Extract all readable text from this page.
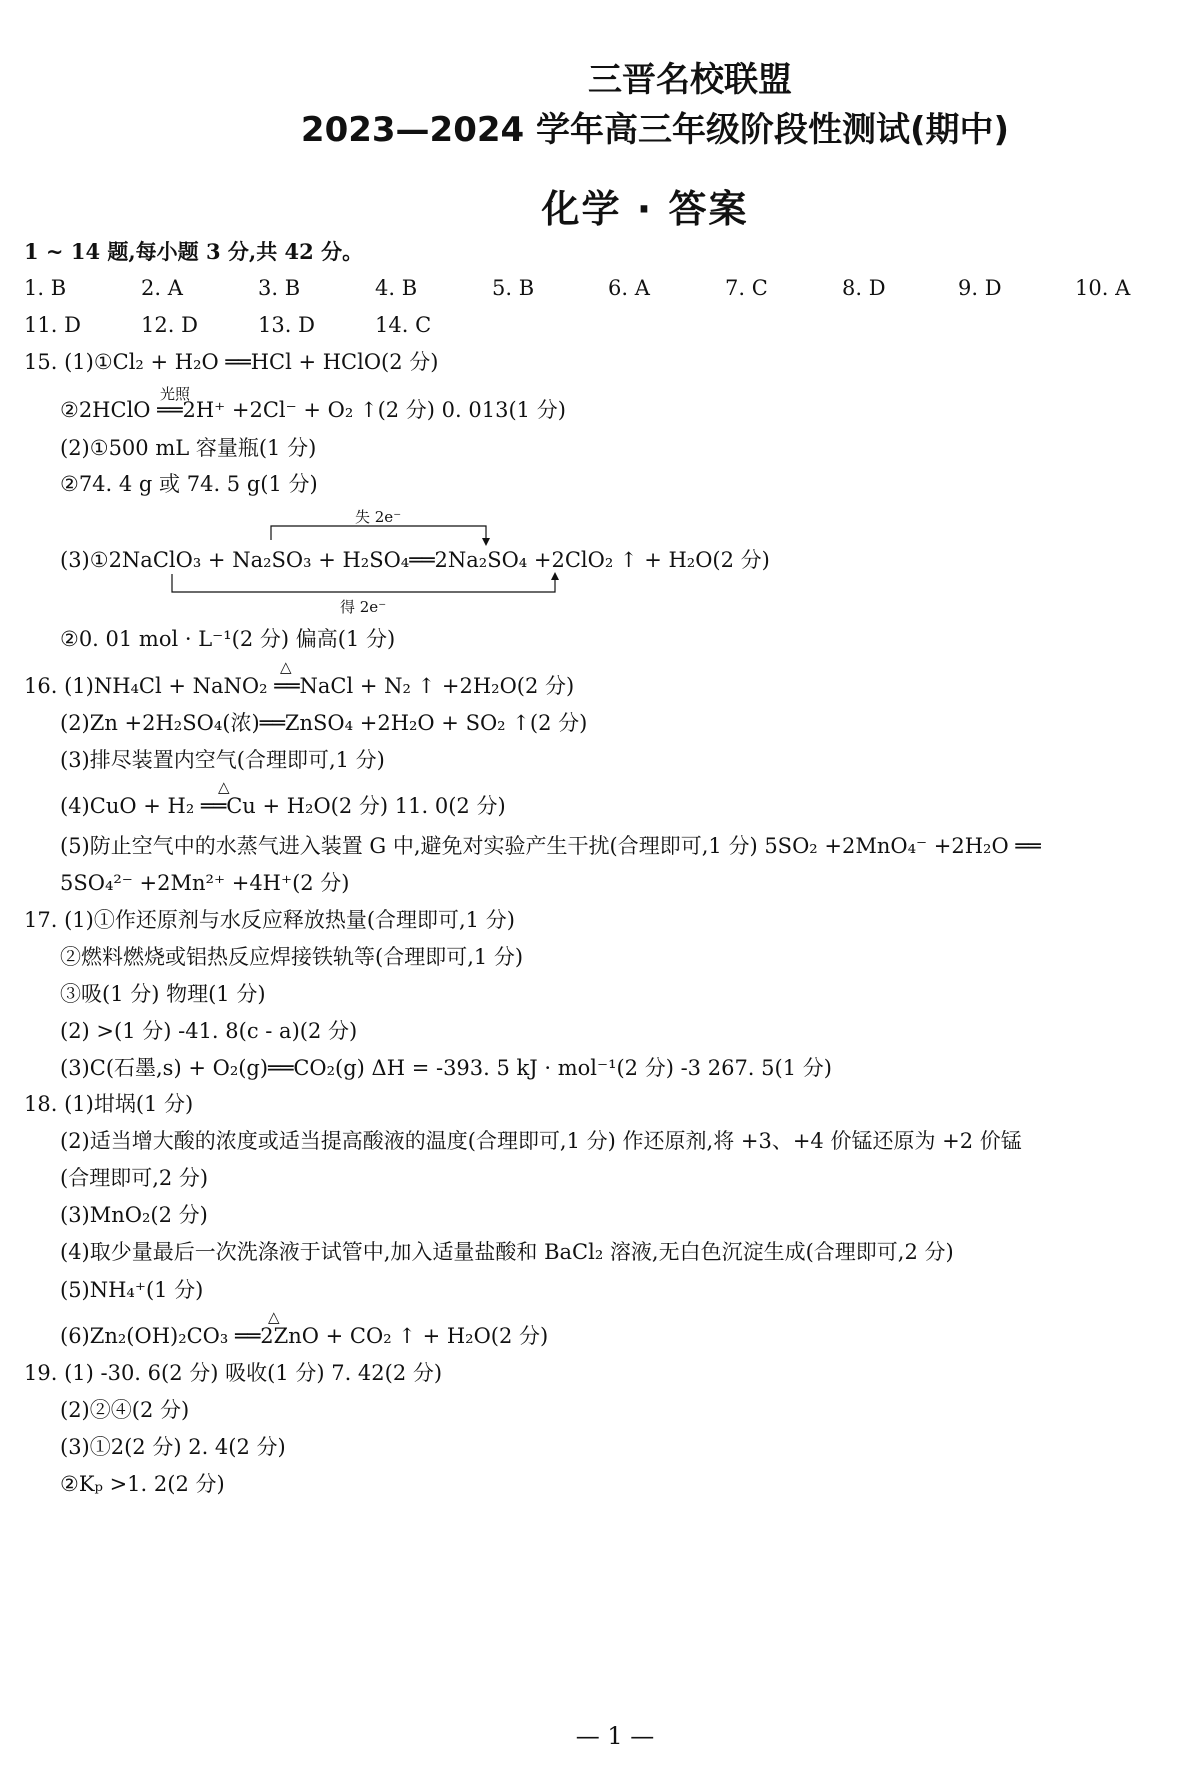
三晋名校联盟
2023—2024 学年高三年级阶段性测试(期中)
化学 · 答案
1 ~ 14 题,每小题 3 分,共 42 分。
1. B	2. A	3. B	4. B	5. B	6. A	7. C	8. D	9. D	10. A
11. D	12. D	13. D	14. C
15. (1)①Cl₂ + H₂O ══HCl + HClO(2 分)
光照
②2HClO ══2H⁺ +2Cl⁻ + O₂ ↑(2 分) 0. 013(1 分)
(2)①500 mL 容量瓶(1 分)
②74. 4 g 或 74. 5 g(1 分)
失 2e⁻
(3)①2NaClO₃ + Na₂SO₃ + H₂SO₄══2Na₂SO₄ +2ClO₂ ↑ + H₂O(2 分)
得 2e⁻
②0. 01 mol · L⁻¹(2 分) 偏高(1 分)
△
16. (1)NH₄Cl + NaNO₂ ══NaCl + N₂ ↑ +2H₂O(2 分)
(2)Zn +2H₂SO₄(浓)══ZnSO₄ +2H₂O + SO₂ ↑(2 分)
(3)排尽装置内空气(合理即可,1 分)
△
(4)CuO + H₂ ══Cu + H₂O(2 分) 11. 0(2 分)
(5)防止空气中的水蒸气进入装置 G 中,避免对实验产生干扰(合理即可,1 分) 5SO₂ +2MnO₄⁻ +2H₂O ══
5SO₄²⁻ +2Mn²⁺ +4H⁺(2 分)
17. (1)①作还原剂与水反应释放热量(合理即可,1 分)
②燃料燃烧或铝热反应焊接铁轨等(合理即可,1 分)
③吸(1 分) 物理(1 分)
(2) >(1 分) -41. 8(c - a)(2 分)
(3)C(石墨,s) + O₂(g)══CO₂(g) ΔH = -393. 5 kJ · mol⁻¹(2 分) -3 267. 5(1 分)
18. (1)坩埚(1 分)
(2)适当增大酸的浓度或适当提高酸液的温度(合理即可,1 分) 作还原剂,将 +3、+4 价锰还原为 +2 价锰
(合理即可,2 分)
(3)MnO₂(2 分)
(4)取少量最后一次洗涤液于试管中,加入适量盐酸和 BaCl₂ 溶液,无白色沉淀生成(合理即可,2 分)
(5)NH₄⁺(1 分)
△
(6)Zn₂(OH)₂CO₃ ══2ZnO + CO₂ ↑ + H₂O(2 分)
19. (1) -30. 6(2 分) 吸收(1 分) 7. 42(2 分)
(2)②④(2 分)
(3)①2(2 分) 2. 4(2 分)
②Kₚ >1. 2(2 分)
— 1 —
